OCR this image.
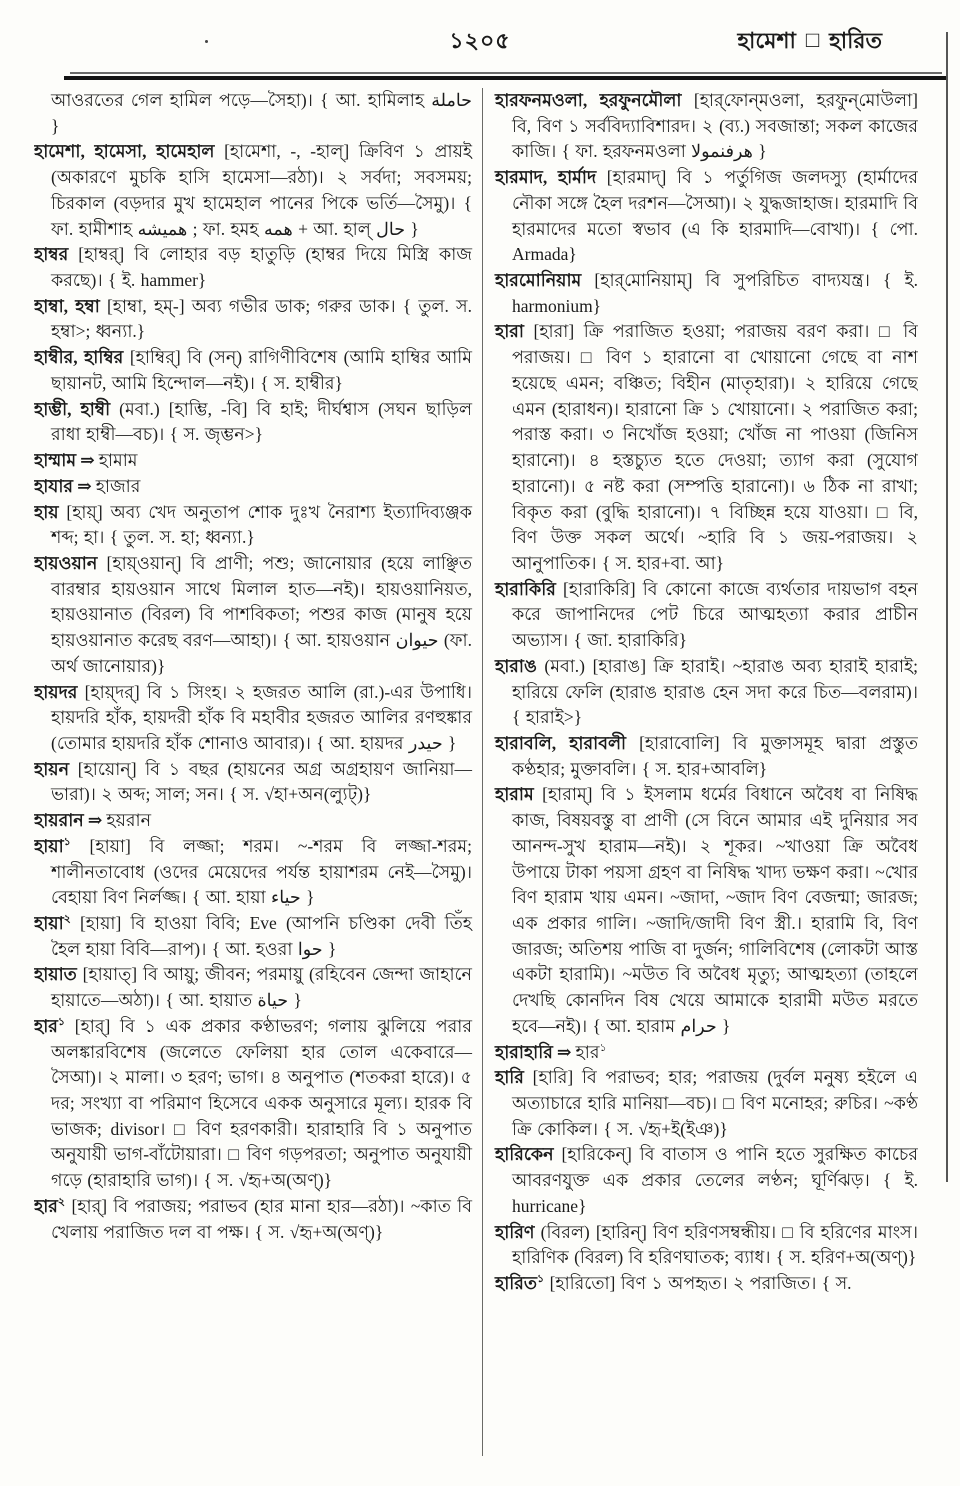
১২০৫	হামেশা □ হারিত

আওরতের গেল হামিল পড়ে—সৈহা)। { আ. হামিলাহ حاملة }

হামেশা, হামেসা, হামেহাল [হামেশা, -, -হাল্] ক্রিবিণ ১ প্রায়ই (অকারণে মুচকি হাসি হামেসা—রঠা)। ২ সর্বদা; সবসময়; চিরকাল (বড়দার মুখ হামেহাল পানের পিকে ভর্তি—সৈমু)। { ফা. হামীশাহ همیشه ; ফা. হমহ همه + আ. হাল্ حال }

হাম্বর [হাম্বর্] বি লোহার বড় হাতুড়ি (হাম্বর দিয়ে মিস্ত্রি কাজ করছে)। { ই. hammer}

হাম্বা, হম্বা [হাম্বা, হম্-] অব্য গভীর ডাক; গরুর ডাক। { তুল. স. হম্বা>; ধ্বন্যা.}

হাম্বীর, হাম্বির [হাম্বির্] বি (সন্) রাগিণীবিশেষ (আমি হাম্বির আমি ছায়ানট, আমি হিন্দোল—নই)। { স. হাম্বীর}

হাম্ভী, হাম্বী (মবা.) [হাম্ভি, -বি] বি হাই; দীর্ঘশ্বাস (সঘন ছাড়িল রাধা হাম্বী—বচ)। { স. জৃম্ভন>}

হাম্মাম ⇒ হামাম

হাযার ⇒ হাজার

হায় [হায়্] অব্য খেদ অনুতাপ শোক দুঃখ নৈরাশ্য ইত্যাদিব্যঞ্জক শব্দ; হা। { তুল. স. হা; ধ্বন্যা.}

হায়ওয়ান [হায়্‌ওয়ান্] বি প্রাণী; পশু; জানোয়ার (হয়ে লাঞ্ছিত বারম্বার হায়ওয়ান সাথে মিলাল হাত—নই)। হায়ওয়ানিয়ত, হায়ওয়ানাত (বিরল) বি পাশবিকতা; পশুর কাজ (মানুষ হয়ে হায়ওয়ানাত করেছ বরণ—আহা)। { আ. হায়ওয়ান حيوان (ফা. অর্থ জানোয়ার)}

হায়দর [হায়্‌দর্] বি ১ সিংহ। ২ হজরত আলি (রা.)-এর উপাধি। হায়দরি হাঁক, হায়দরী হাঁক বি মহাবীর হজরত আলির রণহুঙ্কার (তোমার হায়দরি হাঁক শোনাও আবার)। { আ. হায়দর حيدر }

হায়ন [হায়োন্] বি ১ বছর (হায়নের অগ্র অগ্রহায়ণ জানিয়া—ভারা)। ২ অব্দ; সাল; সন। { স. √হা+অন(ল্যুট্)}

হায়রান ⇒ হয়রান

হায়া$^১$ [হায়া] বি লজ্জা; শরম। ~-শরম বি লজ্জা-শরম; শালীনতাবোধ (ওদের মেয়েদের পর্যন্ত হায়াশরম নেই—সৈমু)। বেহায়া বিণ নির্লজ্জ। { আ. হায়া حياء }

হায়া$^২$ [হায়া] বি হাওয়া বিবি; Eve (আপনি চণ্ডিকা দেবী তিঁহ হৈল হায়া বিবি—রাপ)। { আ. হওরা حوا }

হায়াত [হায়াত্] বি আয়ু; জীবন; পরমায়ু (রহিবেন জেন্দা জাহানে হায়াতে—অঠা)। { আ. হায়াত حياة }

হার$^১$ [হার্] বি ১ এক প্রকার কণ্ঠাভরণ; গলায় ঝুলিয়ে পরার অলঙ্কারবিশেষ (জলেতে ফেলিয়া হার তোল একেবারে—সৈআ)। ২ মালা। ৩ হরণ; ভাগ। ৪ অনুপাত (শতকরা হারে)। ৫ দর; সংখ্যা বা পরিমাণ হিসেবে একক অনুসারে মূল্য। হারক বি ভাজক; divisor। □ বিণ হরণকারী। হারাহারি বি ১ অনুপাত অনুযায়ী ভাগ-বাঁটোয়ারা। □ বিণ গড়পরতা; অনুপাত অনুযায়ী গড়ে (হারাহারি ভাগ)। { স. √হৃ+অ(অণ্)}

হার$^২$ [হার্] বি পরাজয়; পরাভব (হার মানা হার—রঠা)। ~কাত বি খেলায় পরাজিত দল বা পক্ষ। { স. √হৃ+অ(অণ্)}

হারফনমওলা, হরফুনমৌলা [হার্‌ফোন্‌মওলা, হরফুন্‌মোউলা] বি, বিণ ১ সর্ববিদ্যাবিশারদ। ২ (ব্য.) সবজান্তা; সকল কাজের কাজি। { ফা. হরফনমওলা هرفنمولا }

হারমাদ, হার্মাদ [হারমাদ্] বি ১ পর্তুগিজ জলদস্যু (হার্মাদের নৌকা সঙ্গে হৈল দরশন—সৈআ)। ২ যুদ্ধজাহাজ। হারমাদি বি হারমাদের মতো স্বভাব (এ কি হারমাদি—বোখা)। { পো. Armada}

হারমোনিয়াম [হার্‌মোনিয়াম্] বি সুপরিচিত বাদ্যযন্ত্র। { ই. harmonium}

হারা [হারা] ক্রি পরাজিত হওয়া; পরাজয় বরণ করা। □ বি পরাজয়। □ বিণ ১ হারানো বা খোয়ানো গেছে বা নাশ হয়েছে এমন; বঞ্চিত; বিহীন (মাতৃহারা)। ২ হারিয়ে গেছে এমন (হারাধন)। হারানো ক্রি ১ খোয়ানো। ২ পরাজিত করা; পরাস্ত করা। ৩ নিখোঁজ হওয়া; খোঁজ না পাওয়া (জিনিস হারানো)। ৪ হস্তচ্যুত হতে দেওয়া; ত্যাগ করা (সুযোগ হারানো)। ৫ নষ্ট করা (সম্পত্তি হারানো)। ৬ ঠিক না রাখা; বিকৃত করা (বুদ্ধি হারানো)। ৭ বিচ্ছিন্ন হয়ে যাওয়া। □ বি, বিণ উক্ত সকল অর্থে। ~হারি বি ১ জয়-পরাজয়। ২ আনুপাতিক। { স. হার+বা. আ}

হারাকিরি [হারাকিরি] বি কোনো কাজে ব্যর্থতার দায়ভাগ বহন করে জাপানিদের পেট চিরে আত্মহত্যা করার প্রাচীন অভ্যাস। { জা. হারাকিরি}

হারাঙ (মবা.) [হারাঙ] ক্রি হারাই। ~হারাঙ অব্য হারাই হারাই; হারিয়ে ফেলি (হারাঙ হারাঙ হেন সদা করে চিত—বলরাম)। { হারাই>}

হারাবলি, হারাবলী [হারাবোলি] বি মুক্তাসমূহ দ্বারা প্রস্তুত কণ্ঠহার; মুক্তাবলি। { স. হার+আবলি}

হারাম [হারাম্] বি ১ ইসলাম ধর্মের বিধানে অবৈধ বা নিষিদ্ধ কাজ, বিষয়বস্তু বা প্রাণী (সে বিনে আমার এই দুনিয়ার সব আনন্দ-সুখ হারাম—নই)। ২ শূকর। ~খাওয়া ক্রি অবৈধ উপায়ে টাকা পয়সা গ্রহণ বা নিষিদ্ধ খাদ্য ভক্ষণ করা। ~খোর বিণ হারাম খায় এমন। ~জাদা, ~জাদ বিণ বেজন্মা; জারজ; এক প্রকার গালি। ~জাদি/জাদী বিণ স্ত্রী.। হারামি বি, বিণ জারজ; অতিশয় পাজি বা দুর্জন; গালিবিশেষ (লোকটা আস্ত একটা হারামি)। ~মউত বি অবৈধ মৃত্যু; আত্মহত্যা (তাহলে দেখছি কোনদিন বিষ খেয়ে আমাকে হারামী মউত মরতে হবে—নই)। { আ. হারাম حرام }

হারাহারি ⇒ হার$^১$

হারি [হারি] বি পরাভব; হার; পরাজয় (দুর্বল মনুষ্য হইলে এ অত্যাচারে হারি মানিয়া—বচ)। □ বিণ মনোহর; রুচির। ~কণ্ঠ ক্রি কোকিল। { স. √হৃ+ই(ইঞ)}

হারিকেন [হারিকেন্] বি বাতাস ও পানি হতে সুরক্ষিত কাচের আবরণযুক্ত এক প্রকার তেলের লণ্ঠন; ঘূর্ণিঝড়। { ই. hurricane}

হারিণ (বিরল) [হারিন্] বিণ হরিণসম্বন্ধীয়। □ বি হরিণের মাংস। হারিণিক (বিরল) বি হরিণঘাতক; ব্যাধ। { স. হরিণ+অ(অণ্)}

হারিত$^১$ [হারিতো] বিণ ১ অপহৃত। ২ পরাজিত। { স.
